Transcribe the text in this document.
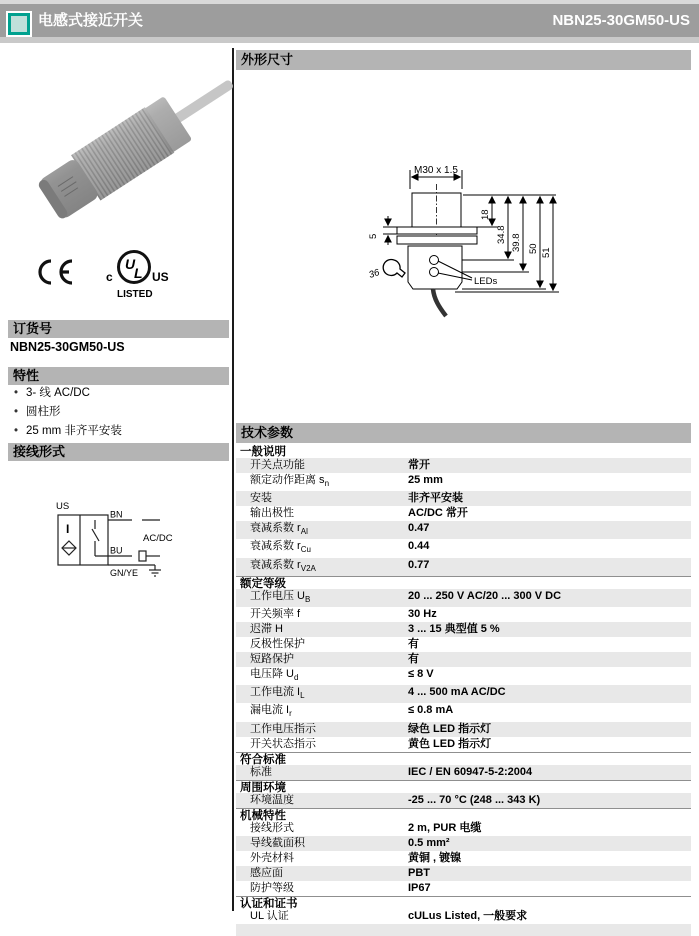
电感式接近开关	NBN25-30GM50-US
U
L
c	US
LISTED
订货号
NBN25-30GM50-US
特性
• 3- 线 AC/DC
• 圆柱形
• 25 mm 非齐平安装
接线形式
US
I
BN
BU
GN/YE
AC/DC
外形尺寸
M30 x 1.5
18
34.8 39.8 50 51
5
36
LEDs
技术参数
一般说明
开关点功能	常开
额定动作距离 $s_n$	25 mm
安装	非齐平安装
输出极性	AC/DC 常开
衰减系数 $r_{Al}$	0.47
衰减系数 $r_{Cu}$	0.44
衰减系数 $r_{V2A}$	0.77
额定等级
工作电压 $U_B$	20 ... 250 V AC/20 ... 300 V DC
开关频率 f	30 Hz
迟滞 H	3 ... 15 典型值 5 %
反极性保护	有
短路保护	有
电压降 $U_d$	≤ 8 V
工作电流 $I_L$	4 ... 500 mA AC/DC
漏电流 $I_r$	≤ 0.8 mA
工作电压指示	绿色 LED 指示灯
开关状态指示	黄色 LED 指示灯
符合标准
标准	IEC / EN 60947-5-2:2004
周围环境
环境温度	-25 ... 70 °C (248 ... 343 K)
机械特性
接线形式	2 m, PUR 电缆
导线截面积	0.5 mm²
外壳材料	黄铜 , 镀镍
感应面	PBT
防护等级	IP67
认证和证书
UL 认证	cULus Listed, 一般要求
